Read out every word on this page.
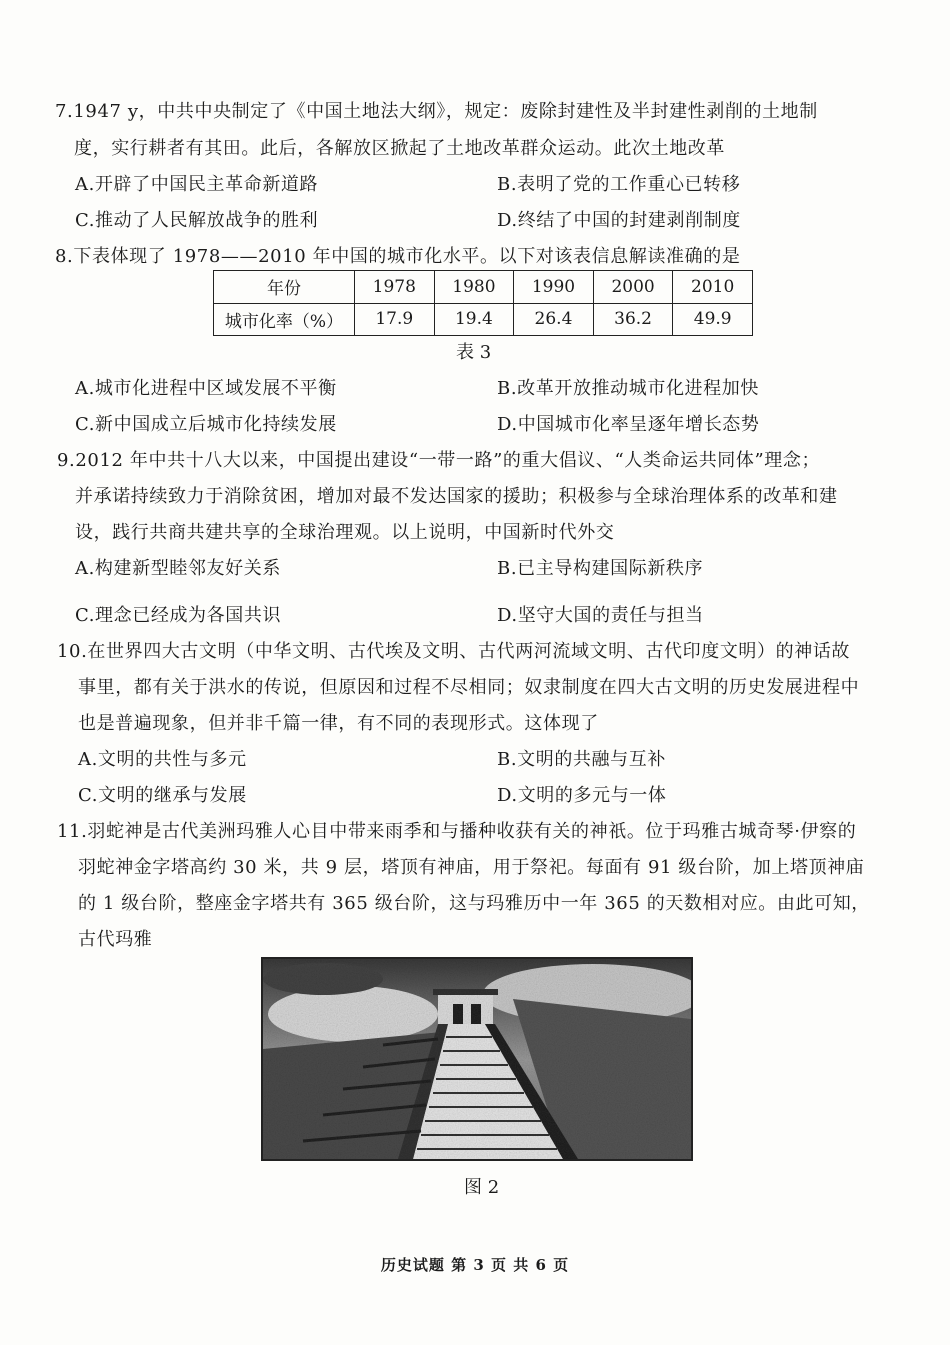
7.1947 y，中共中央制定了《中国土地法大纲》，规定：废除封建性及半封建性剥削的土地制
度，实行耕者有其田。此后，各解放区掀起了土地改革群众运动。此次土地改革
A.开辟了中国民主革命新道路	B.表明了党的工作重心已转移
C.推动了人民解放战争的胜利	D.终结了中国的封建剥削制度
8.下表体现了 1978——2010 年中国的城市化水平。以下对该表信息解读准确的是
年份	1978	1980	1990	2000	2010
城市化率（%）	17.9	19.4	26.4	36.2	49.9
表 3
A.城市化进程中区域发展不平衡	B.改革开放推动城市化进程加快
C.新中国成立后城市化持续发展	D.中国城市化率呈逐年增长态势
9.2012 年中共十八大以来，中国提出建设“一带一路”的重大倡议、“人类命运共同体”理念；
并承诺持续致力于消除贫困，增加对最不发达国家的援助；积极参与全球治理体系的改革和建
设，践行共商共建共享的全球治理观。以上说明，中国新时代外交
A.构建新型睦邻友好关系	B.已主导构建国际新秩序
C.理念已经成为各国共识	D.坚守大国的责任与担当
10.在世界四大古文明（中华文明、古代埃及文明、古代两河流域文明、古代印度文明）的神话故
事里，都有关于洪水的传说，但原因和过程不尽相同；奴隶制度在四大古文明的历史发展进程中
也是普遍现象，但并非千篇一律，有不同的表现形式。这体现了
A.文明的共性与多元	B.文明的共融与互补
C.文明的继承与发展	D.文明的多元与一体
11.羽蛇神是古代美洲玛雅人心目中带来雨季和与播种收获有关的神祇。位于玛雅古城奇琴·伊察的
羽蛇神金字塔高约 30 米，共 9 层，塔顶有神庙，用于祭祀。每面有 91 级台阶，加上塔顶神庙
的 1 级台阶，整座金字塔共有 365 级台阶，这与玛雅历中一年 365 的天数相对应。由此可知，
古代玛雅
图 2
历史试题 第 3 页 共 6 页
